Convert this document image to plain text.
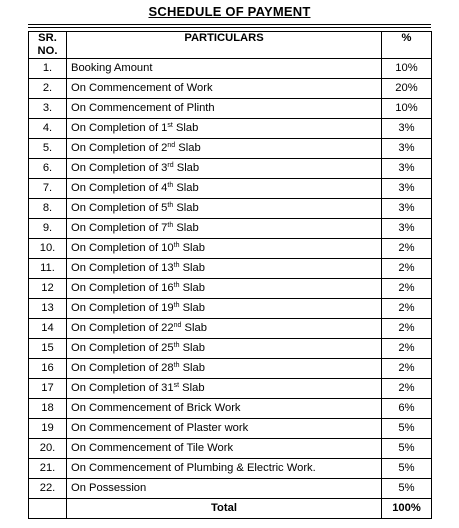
SCHEDULE OF PAYMENT
SR.
NO.	PARTICULARS	%
1.	Booking Amount	10%
2.	On Commencement of Work	20%
3.	On Commencement of Plinth	10%
4.	On Completion of 1st Slab	3%
5.	On Completion of 2nd Slab	3%
6.	On Completion of 3rd Slab	3%
7.	On Completion of 4th Slab	3%
8.	On Completion of 5th Slab	3%
9.	On Completion of 7th Slab	3%
10.	On Completion of 10th Slab	2%
11.	On Completion of 13th Slab	2%
12	On Completion of 16th Slab	2%
13	On Completion of 19th Slab	2%
14	On Completion of 22nd Slab	2%
15	On Completion of 25th Slab	2%
16	On Completion of 28th Slab	2%
17	On Completion of 31st Slab	2%
18	On Commencement of Brick Work	6%
19	On Commencement of Plaster work	5%
20.	On Commencement of Tile Work	5%
21.	On Commencement of Plumbing & Electric Work.	5%
22.	On Possession	5%
	Total	100%
